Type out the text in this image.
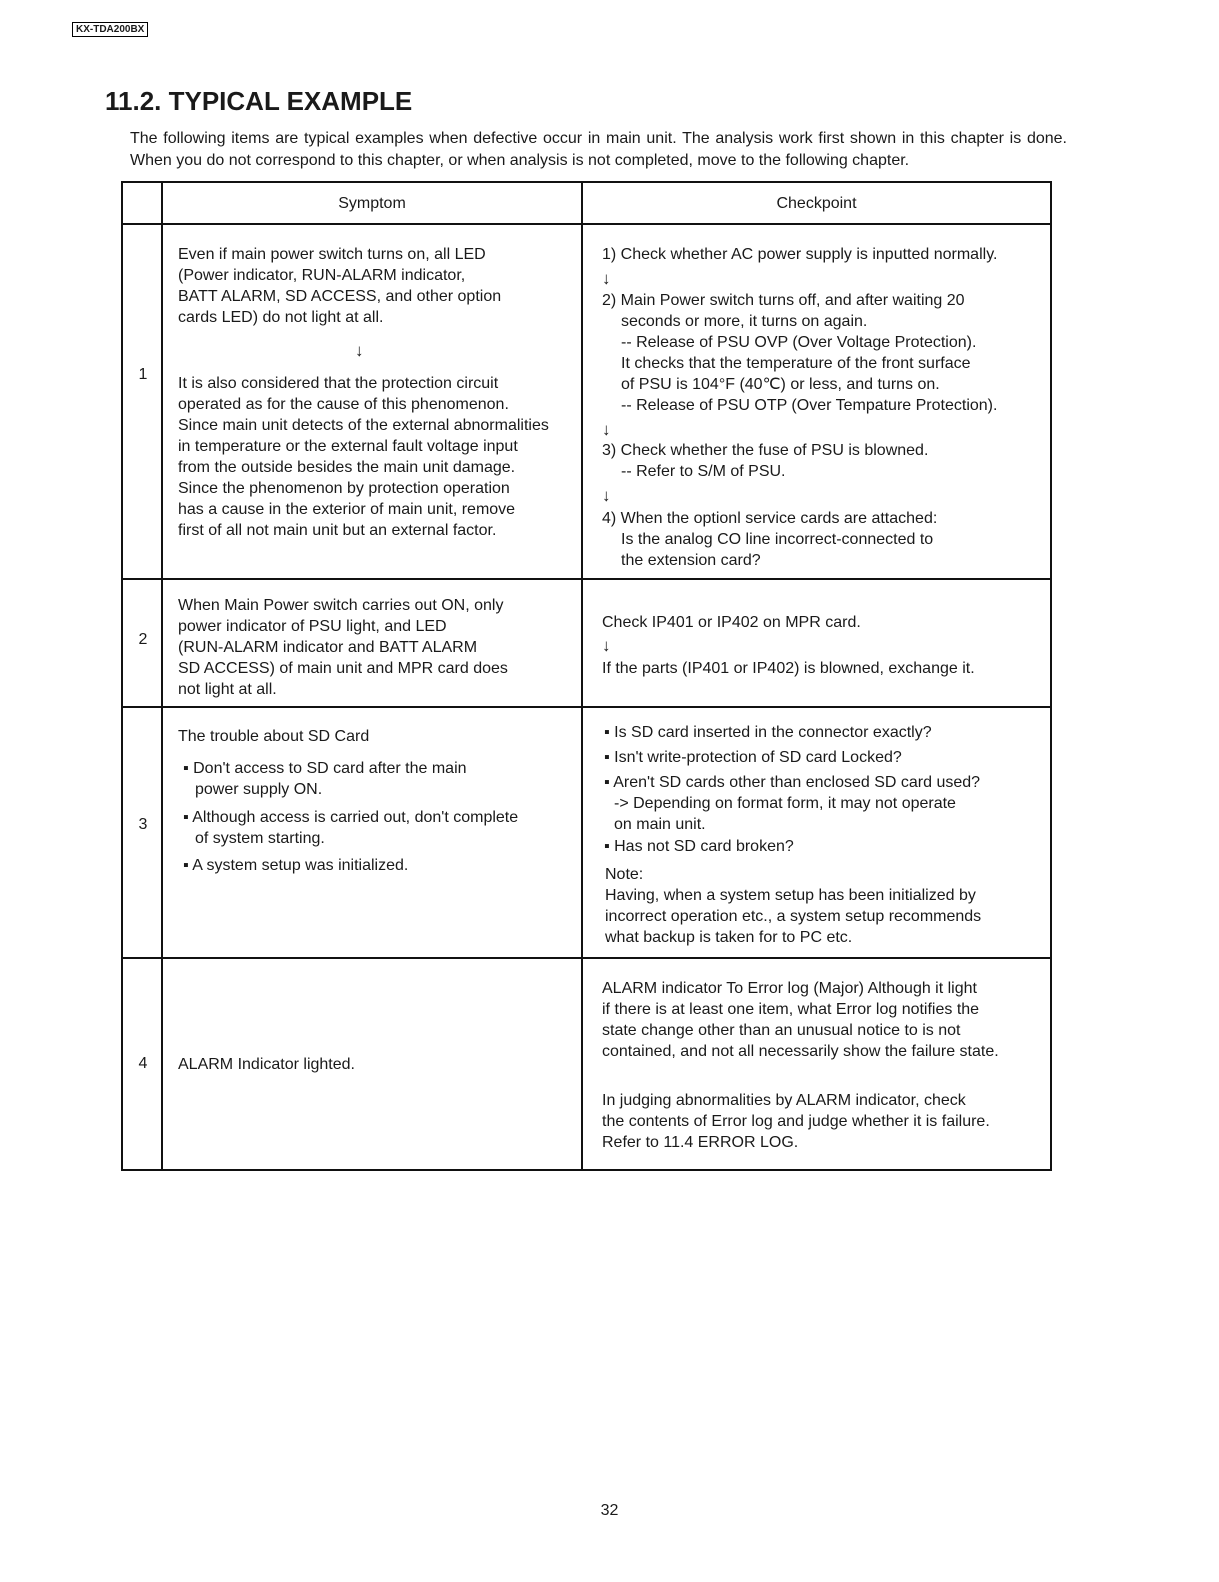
KX-TDA200BX
11.2. TYPICAL EXAMPLE
The following items are typical examples when defective occur in main unit. The analysis work first shown in this chapter is done. When you do not correspond to this chapter, or when analysis is not completed, move to the following chapter.
Symptom	Checkpoint
1
Even if main power switch turns on, all LED
(Power indicator, RUN-ALARM indicator,
BATT ALARM, SD ACCESS, and other option
cards LED) do not light at all.
↓
It is also considered that the protection circuit
operated as for the cause of this phenomenon.
Since main unit detects of the external abnormalities
in temperature or the external fault voltage input
from the outside besides the main unit damage.
Since the phenomenon by protection operation
has a cause in the exterior of main unit, remove
first of all not main unit but an external factor.
1) Check whether AC power supply is inputted normally.
↓
2) Main Power switch turns off, and after waiting 20
seconds or more, it turns on again.
-- Release of PSU OVP (Over Voltage Protection).
It checks that the temperature of the front surface
of PSU is 104°F (40℃) or less, and turns on.
-- Release of PSU OTP (Over Tempature Protection).
↓
3) Check whether the fuse of PSU is blowned.
-- Refer to S/M of PSU.
↓
4) When the optionl service cards are attached:
Is the analog CO line incorrect-connected to
the extension card?
2
When Main Power switch carries out ON, only
power indicator of PSU light, and LED
(RUN-ALARM indicator and BATT ALARM
SD ACCESS) of main unit and MPR card does
not light at all.
Check IP401 or IP402 on MPR card.
↓
If the parts (IP401 or IP402) is blowned, exchange it.
3
The trouble about SD Card
▪ Don't access to SD card after the main
power supply ON.
▪ Although access is carried out, don't complete
of system starting.
▪ A system setup was initialized.
▪ Is SD card inserted in the connector exactly?
▪ Isn't write-protection of SD card Locked?
▪ Aren't SD cards other than enclosed SD card used?
-> Depending on format form, it may not operate
on main unit.
▪ Has not SD card broken?
Note:
Having, when a system setup has been initialized by
incorrect operation etc., a system setup recommends
what backup is taken for to PC etc.
4	ALARM Indicator lighted.
ALARM indicator To Error log (Major) Although it light
if there is at least one item, what Error log notifies the
state change other than an unusual notice to is not
contained, and not all necessarily show the failure state.
In judging abnormalities by ALARM indicator, check
the contents of Error log and judge whether it is failure.
Refer to 11.4 ERROR LOG.
32
